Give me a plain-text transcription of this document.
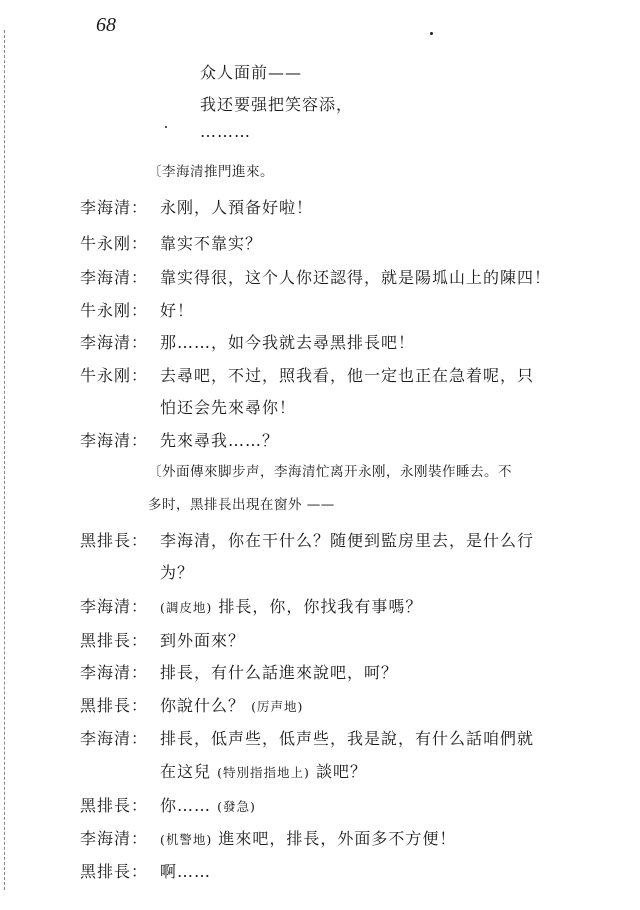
68
众人面前——
我还要强把笑容添，
………
〔李海清推門進來。
李海清： 永刚，人預备好啦！
牛永刚： 靠实不靠实？
李海清： 靠实得很，这个人你还認得，就是陽坬山上的陳四！
牛永刚： 好！
李海清： 那……，如今我就去尋黑排長吧！
牛永刚： 去尋吧，不过，照我看，他一定也正在急着呢，只
怕还会先來尋你！
李海清： 先來尋我……？
黑排長： 李海清，你在干什么？随便到監房里去，是什么行
为？
李海清： (調皮地) 排長，你，你找我有事嗎？
黑排長： 到外面來？
李海清： 排長，有什么話進來說吧，呵？
黑排長： 你說什么？ (厉声地)
李海清： 排長，低声些，低声些，我是說，有什么話咱們就
在这兒 (特別指指地上) 談吧？
黑排長： 你…… (發急)
李海清： (机警地) 進來吧，排長，外面多不方便！
黑排長： 啊……
〔外面傳來脚步声，李海清忙离开永刚，永刚裝作睡去。不
多时，黑排長出現在窗外 ——
